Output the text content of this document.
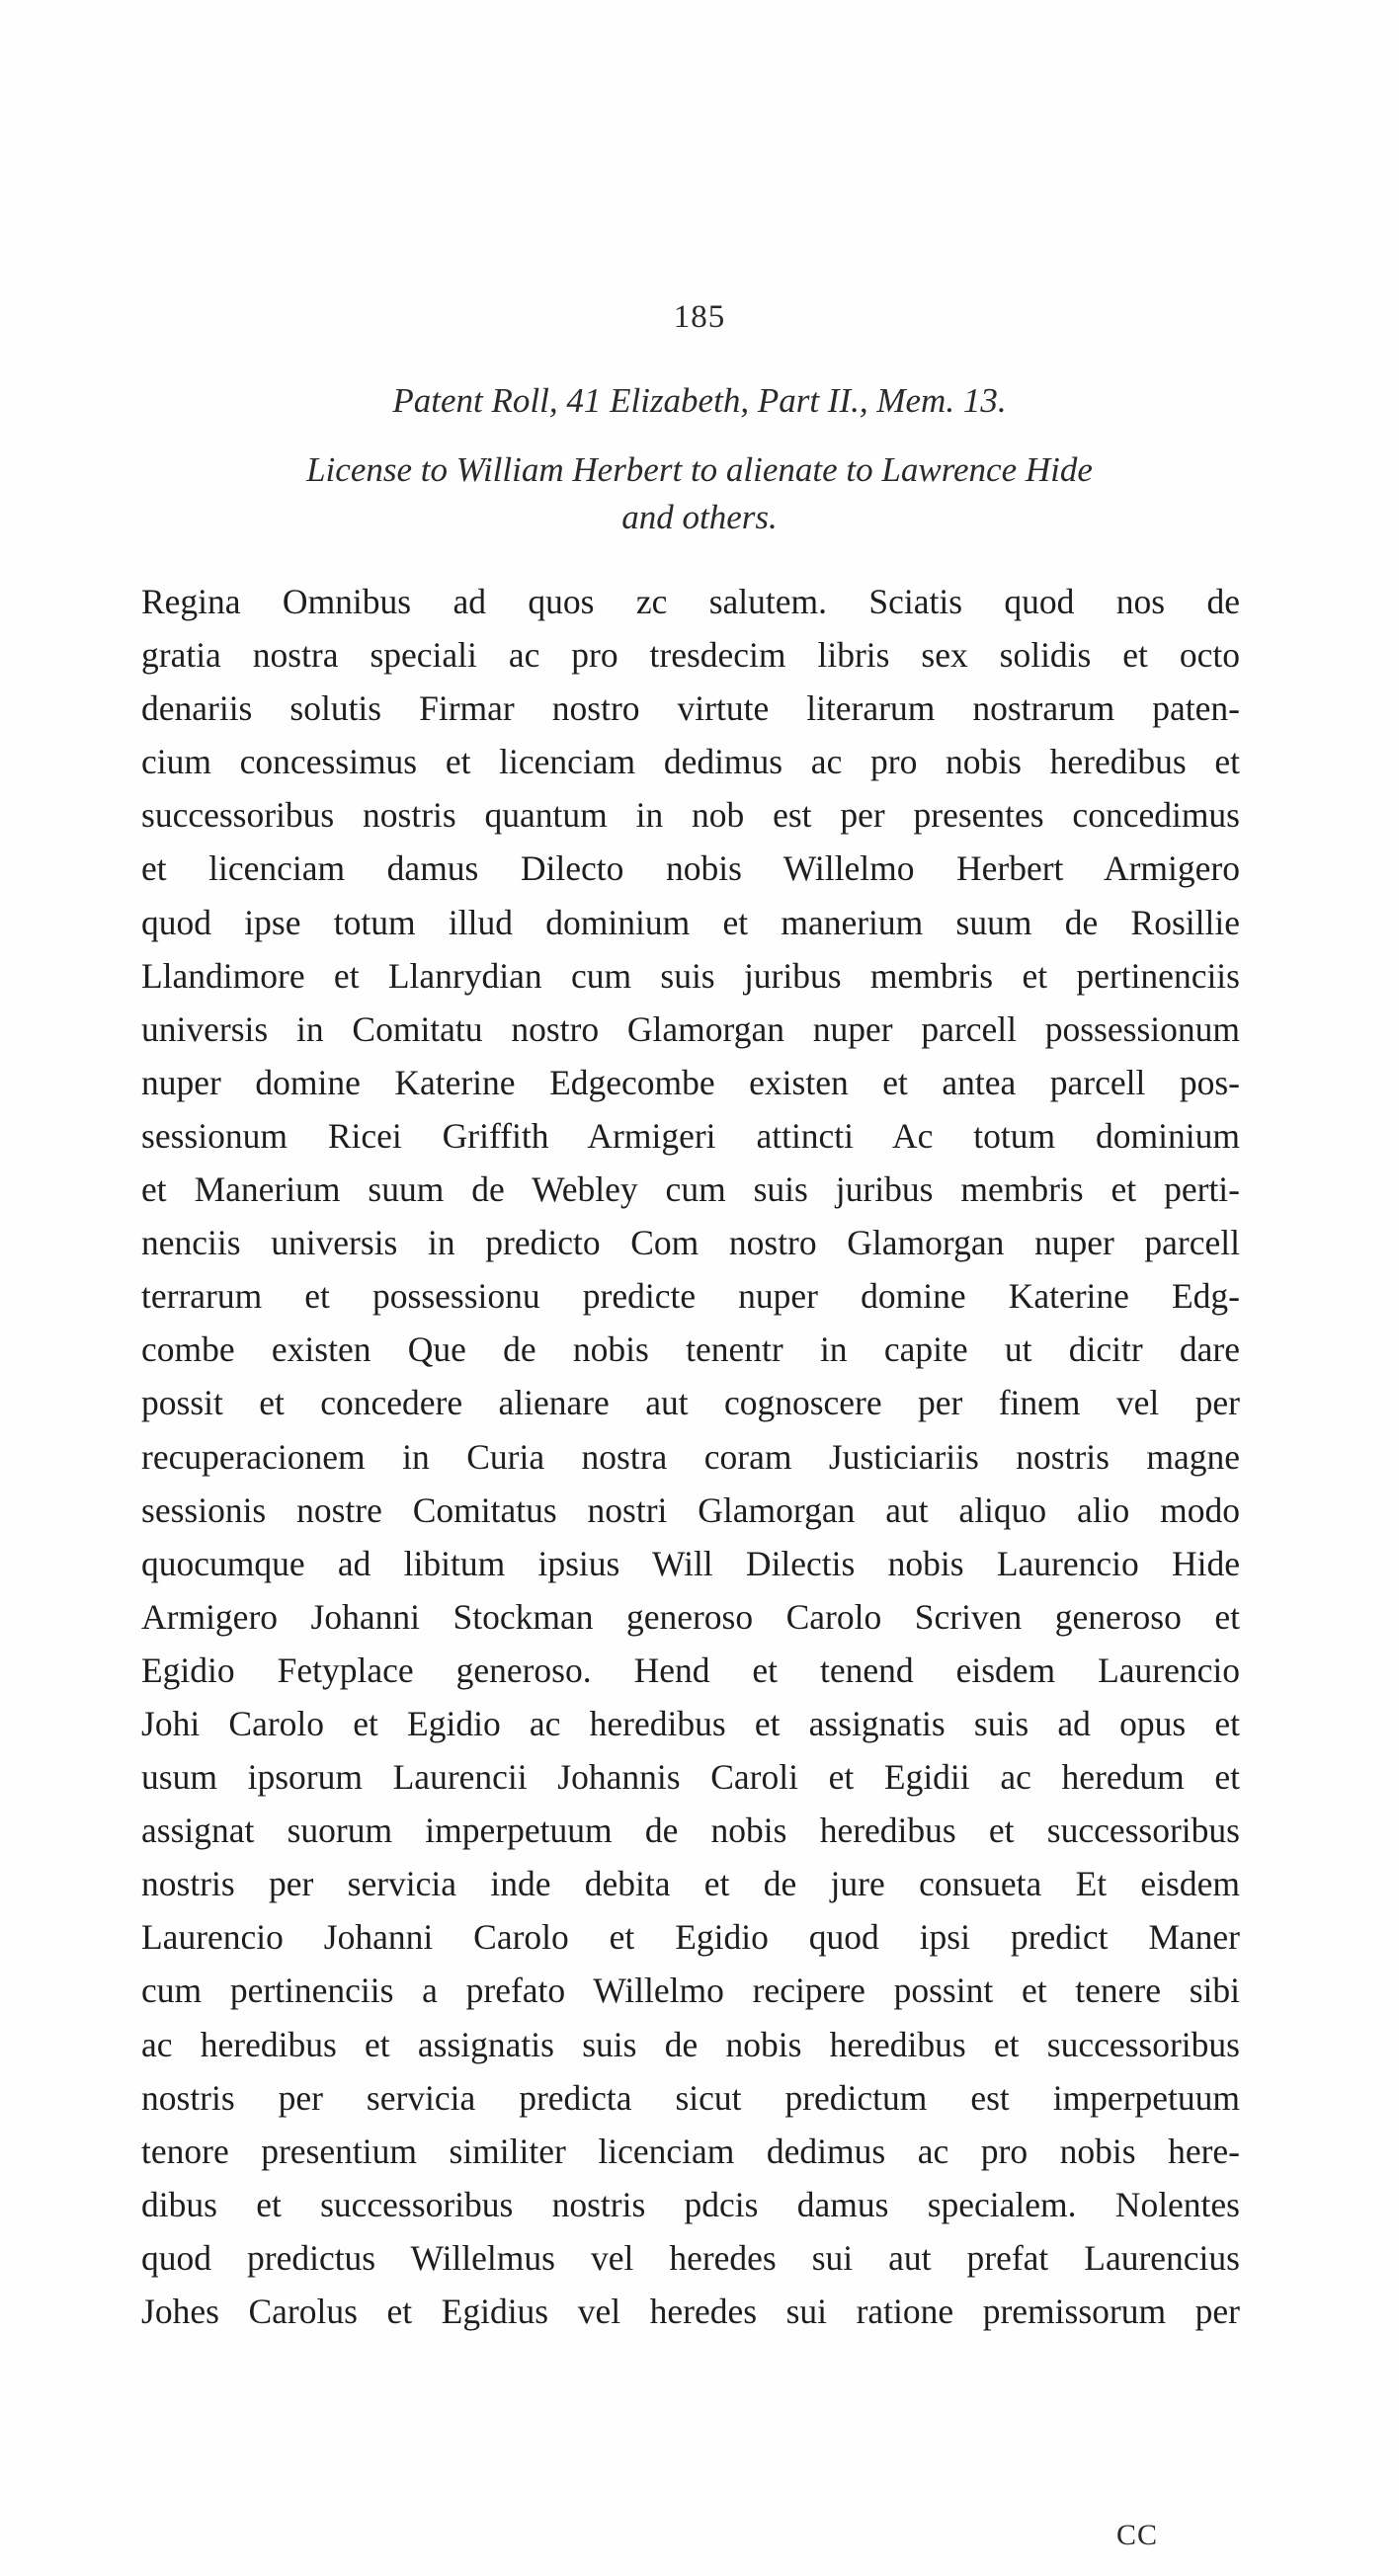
185
Patent Roll, 41 Elizabeth, Part II., Mem. 13.
License to William Herbert to alienate to Lawrence Hide
and others.
Regina Omnibus ad quos zc salutem. Sciatis quod nos de
gratia nostra speciali ac pro tresdecim libris sex solidis et octo
denariis solutis Firmar nostro virtute literarum nostrarum paten-
cium concessimus et licenciam dedimus ac pro nobis heredibus et
successoribus nostris quantum in nob est per presentes concedimus
et licenciam damus Dilecto nobis Willelmo Herbert Armigero
quod ipse totum illud dominium et manerium suum de Rosillie
Llandimore et Llanrydian cum suis juribus membris et pertinenciis
universis in Comitatu nostro Glamorgan nuper parcell possessionum
nuper domine Katerine Edgecombe existen et antea parcell pos-
sessionum Ricei Griffith Armigeri attincti Ac totum dominium
et Manerium suum de Webley cum suis juribus membris et perti-
nenciis universis in predicto Com nostro Glamorgan nuper parcell
terrarum et possessionu predicte nuper domine Katerine Edg-
combe existen Que de nobis tenentr in capite ut dicitr dare
possit et concedere alienare aut cognoscere per finem vel per
recuperacionem in Curia nostra coram Justiciariis nostris magne
sessionis nostre Comitatus nostri Glamorgan aut aliquo alio modo
quocumque ad libitum ipsius Will Dilectis nobis Laurencio Hide
Armigero Johanni Stockman generoso Carolo Scriven generoso et
Egidio Fetyplace generoso. Hend et tenend eisdem Laurencio
Johi Carolo et Egidio ac heredibus et assignatis suis ad opus et
usum ipsorum Laurencii Johannis Caroli et Egidii ac heredum et
assignat suorum imperpetuum de nobis heredibus et successoribus
nostris per servicia inde debita et de jure consueta Et eisdem
Laurencio Johanni Carolo et Egidio quod ipsi predict Maner
cum pertinenciis a prefato Willelmo recipere possint et tenere sibi
ac heredibus et assignatis suis de nobis heredibus et successoribus
nostris per servicia predicta sicut predictum est imperpetuum
tenore presentium similiter licenciam dedimus ac pro nobis here-
dibus et successoribus nostris pdcis damus specialem. Nolentes
quod predictus Willelmus vel heredes sui aut prefat Laurencius
Johes Carolus et Egidius vel heredes sui ratione premissorum per
CC
